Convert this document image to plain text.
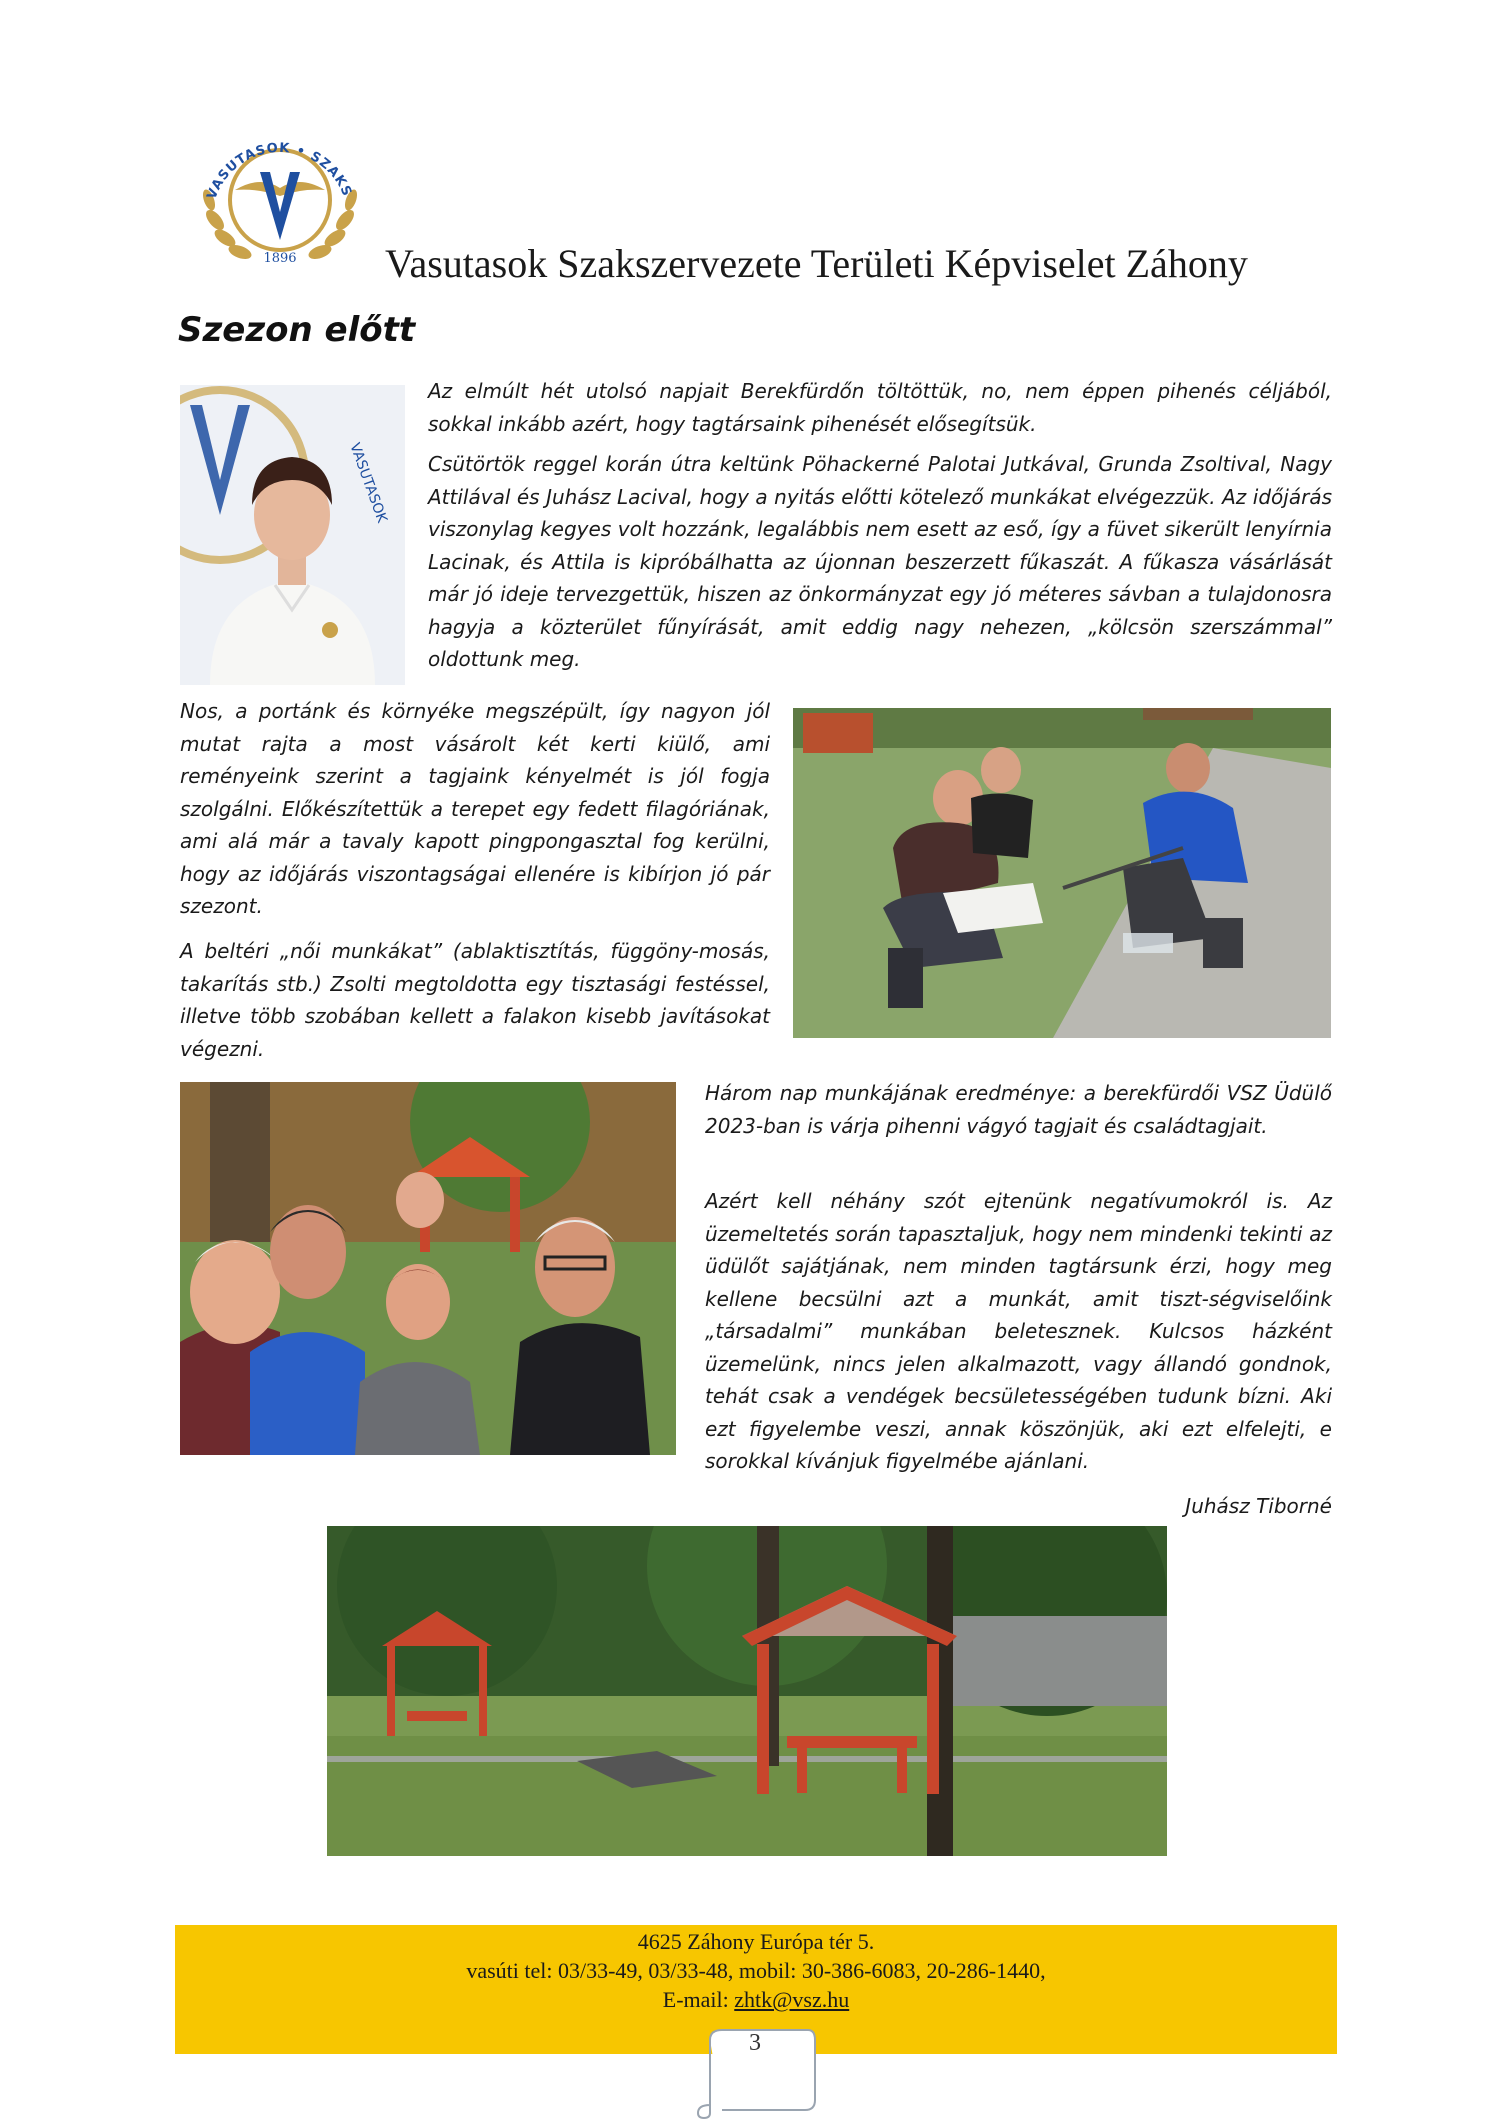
VASUTASOK • SZAKS
1896 Vasutasok Szakszervezete Területi Képviselet Záhony
Szezon előtt
VASUTASOK

Az elmúlt hét utolsó napjait Berekfürdőn töltöttük, no, nem éppen pihenés céljából, sokkal inkább azért, hogy tagtársaink pihenését elősegítsük.

Csütörtök reggel korán útra keltünk Pöhackerné Palotai Jutkával, Grunda Zsoltival, Nagy Attilával és Juhász Lacival, hogy a nyitás előtti kötelező munkákat elvégezzük. Az időjárás viszonylag kegyes volt hozzánk, legalábbis nem esett az eső, így a füvet sikerült lenyírnia Lacinak, és Attila is kipróbálhatta az újonnan beszerzett fűkaszát. A fűkasza vásárlását már jó ideje tervezgettük, hiszen az önkormányzat egy jó méteres sávban a tulajdonosra hagyja a közterület fűnyírását, amit eddig nagy nehezen, „kölcsön szerszámmal” oldottunk meg.

Nos, a portánk és környéke megszépült, így nagyon jól mutat rajta a most vásárolt két kerti kiülő, ami reményeink szerint a tagjaink kényelmét is jól fogja szolgálni. Előkészítettük a terepet egy fedett filagóriának, ami alá már a tavaly kapott pingpongasztal fog kerülni, hogy az időjárás viszontagságai ellenére is kibírjon jó pár szezont.

A beltéri „női munkákat” (ablaktisztítás, függöny-mosás, takarítás stb.) Zsolti megtoldotta egy tisztasági festéssel, illetve több szobában kellett a falakon kisebb javításokat végezni.

Három nap munkájának eredménye: a berekfürdői VSZ Üdülő 2023-ban is várja pihenni vágyó tagjait és családtagjait.

Azért kell néhány szót ejtenünk negatívumokról is. Az üzemeltetés során tapasztaljuk, hogy nem mindenki tekinti az üdülőt sajátjának, nem minden tagtársunk érzi, hogy meg kellene becsülni azt a munkát, amit tiszt-ségviselőink „társadalmi” munkában beletesznek. Kulcsos házként üzemelünk, nincs jelen alkalmazott, vagy állandó gondnok, tehát csak a vendégek becsületességében tudunk bízni. Aki ezt figyelembe veszi, annak köszönjük, aki ezt elfelejti, e sorokkal kívánjuk figyelmébe ajánlani.

Juhász Tiborné

4625 Záhony Európa tér 5.
vasúti tel: 03/33-49, 03/33-48, mobil: 30-386-6083, 20-286-1440,
E-mail: zhtk@vsz.hu
3
